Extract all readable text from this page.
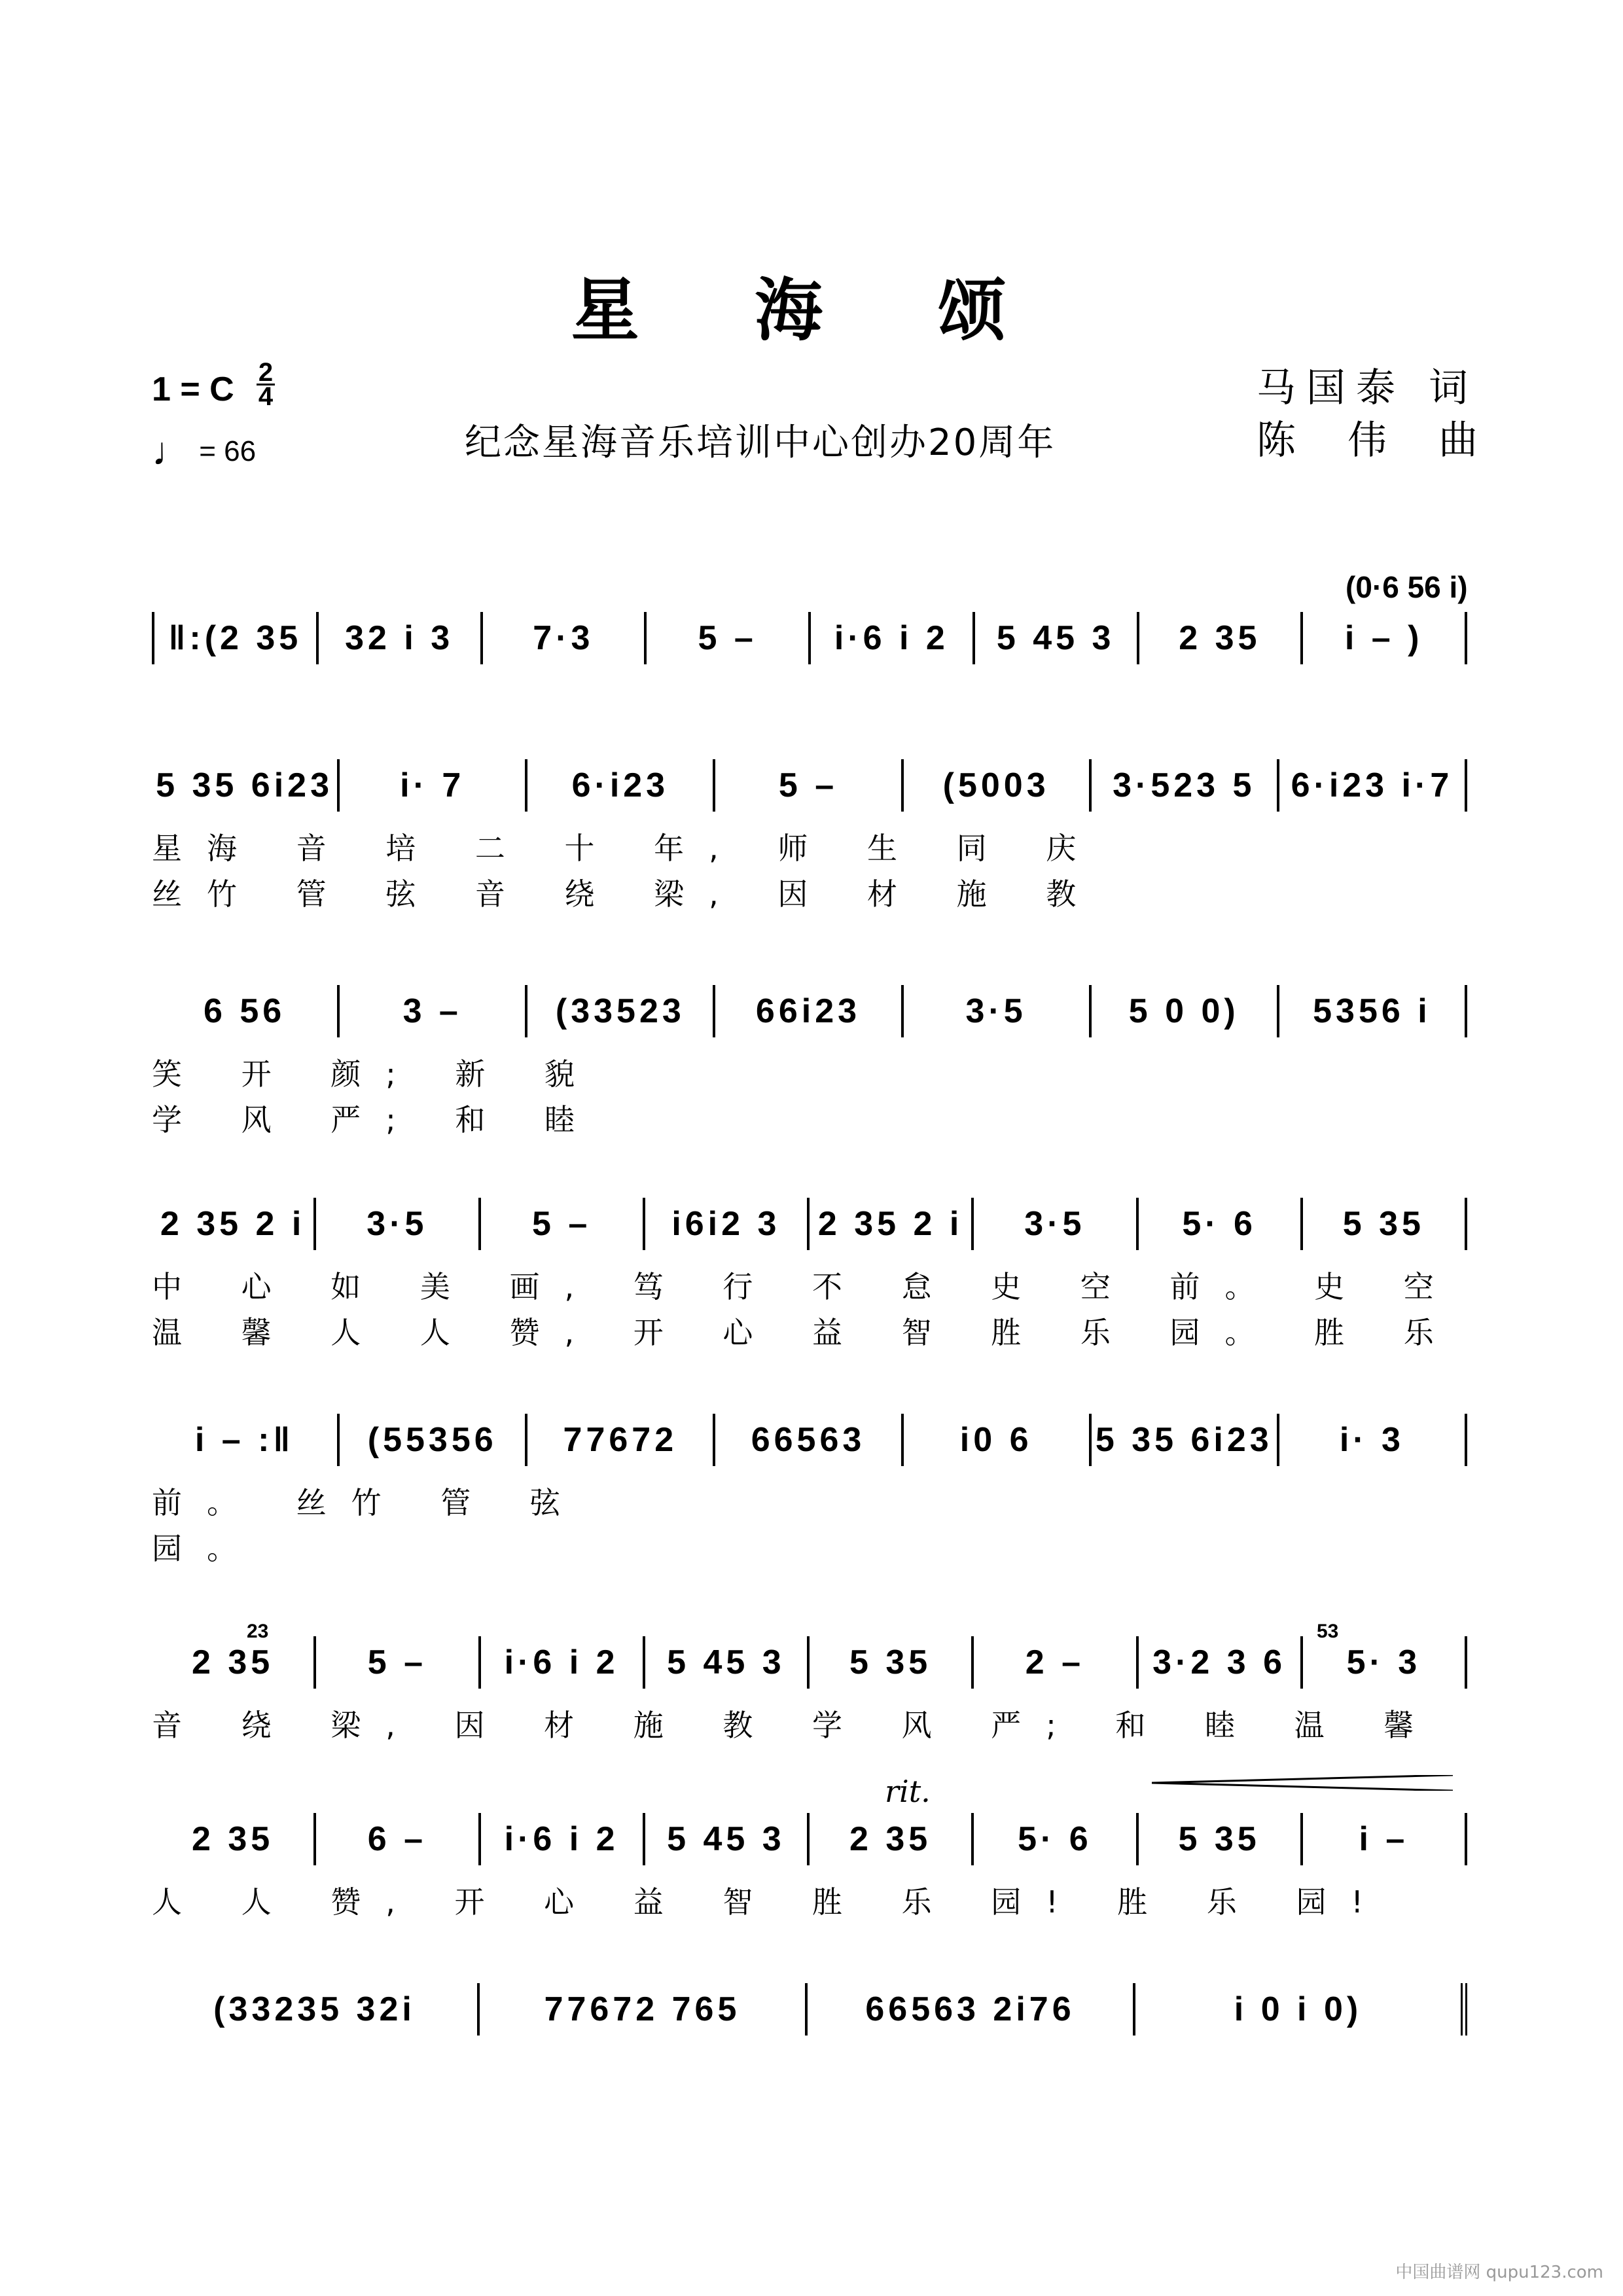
星 海 颂
1 = C 2
4
♩ = 66	纪念星海音乐培训中心创办20周年
马国泰 词
陈 伟 曲
(0·6 56 i)
‖:(2 35	32 i 3	7·3	5 –	i·6 i 2	5 45 3	2 35	i – )
5 35 6i23	i· 7	6·i23	5 –	(5003	3·523 5	6·i23 i·7
星海 音 培 二 十 年, 师 生 同 庆
丝竹 管 弦 音 绕 梁, 因 材 施 教
6 56	3 –	(33523	66i23	3·5	5 0 0)	5356 i
笑 开 颜; 新 貌
学 风 严; 和 睦
2 35 2 i	3·5	5 –	i6i2 3	2 35 2 i	3·5	5· 6	5 35
中 心 如 美 画, 笃 行 不 怠 史 空 前。 史 空
温 馨 人 人 赞, 开 心 益 智 胜 乐 园。 胜 乐
i – :‖	(55356	77672	66563	i0 6	5 35 6i23	i· 3
前。 丝竹 管 弦
园。
23	53
2 35	5 –	i·6 i 2	5 45 3	5 35	2 –	3·2 3 6	5· 3
音 绕 梁, 因 材 施 教 学 风 严; 和 睦 温 馨
rit.
2 35	6 –	i·6 i 2	5 45 3	2 35	5· 6	5 35	i –
人 人 赞, 开 心 益 智 胜 乐 园! 胜 乐 园!
(33235 32i	77672 765	66563 2i76	i 0 i 0)
中国曲谱网 qupu123.com
